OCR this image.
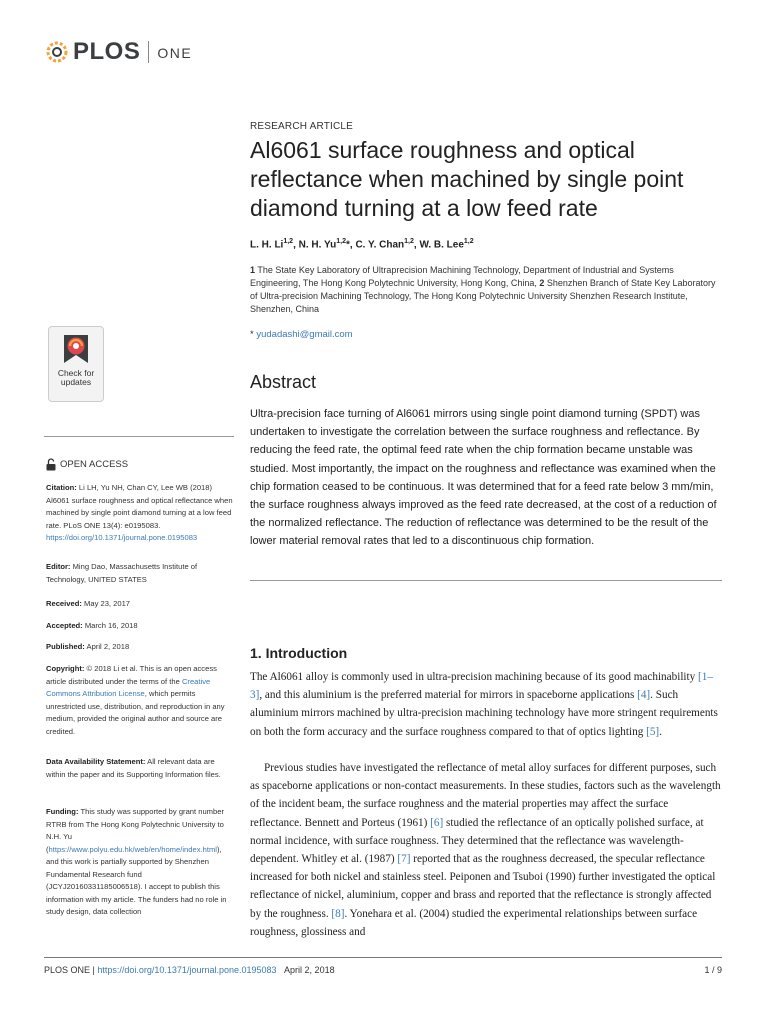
PLOS ONE
RESEARCH ARTICLE
Al6061 surface roughness and optical reflectance when machined by single point diamond turning at a low feed rate
L. H. Li$^{1,2}$, N. H. Yu$^{1,2}$*, C. Y. Chan$^{1,2}$, W. B. Lee$^{1,2}$
1 The State Key Laboratory of Ultraprecision Machining Technology, Department of Industrial and Systems Engineering, The Hong Kong Polytechnic University, Hong Kong, China, 2 Shenzhen Branch of State Key Laboratory of Ultra-precision Machining Technology, The Hong Kong Polytechnic University Shenzhen Research Institute, Shenzhen, China
* yudadashi@gmail.com
Abstract
Ultra-precision face turning of Al6061 mirrors using single point diamond turning (SPDT) was undertaken to investigate the correlation between the surface roughness and reflectance. By reducing the feed rate, the optimal feed rate when the chip formation became unstable was studied. Most importantly, the impact on the roughness and reflectance was examined when the chip formation ceased to be continuous. It was determined that for a feed rate below 3 mm/min, the surface roughness always improved as the feed rate decreased, at the cost of a reduction of the normalized reflectance. The reduction of reflectance was determined to be the result of the lower material removal rates that led to a discontinuous chip formation.
1. Introduction
The Al6061 alloy is commonly used in ultra-precision machining because of its good machinability [1–3], and this aluminium is the preferred material for mirrors in spaceborne applications [4]. Such aluminium mirrors machined by ultra-precision machining technology have more stringent requirements on both the form accuracy and the surface roughness compared to that of optics lighting [5].
Previous studies have investigated the reflectance of metal alloy surfaces for different purposes, such as spaceborne applications or non-contact measurements. In these studies, factors such as the wavelength of the incident beam, the surface roughness and the material properties may affect the surface reflectance. Bennett and Porteus (1961) [6] studied the reflectance of an optically polished surface, at normal incidence, with surface roughness. They determined that the reflectance was wavelength-dependent. Whitley et al. (1987) [7] reported that as the roughness decreased, the specular reflectance increased for both nickel and stainless steel. Peiponen and Tsuboi (1990) further investigated the optical reflectance of nickel, aluminium, copper and brass and reported that the reflectance is strongly affected by the roughness. [8]. Yonehara et al. (2004) studied the experimental relationships between surface roughness, glossiness and
Check for
updates
OPEN ACCESS
Citation: Li LH, Yu NH, Chan CY, Lee WB (2018) Al6061 surface roughness and optical reflectance when machined by single point diamond turning at a low feed rate. PLoS ONE 13(4): e0195083. https://doi.org/10.1371/journal.pone.0195083
Editor: Ming Dao, Massachusetts Institute of Technology, UNITED STATES
Received: May 23, 2017
Accepted: March 16, 2018
Published: April 2, 2018
Copyright: © 2018 Li et al. This is an open access article distributed under the terms of the Creative Commons Attribution License, which permits unrestricted use, distribution, and reproduction in any medium, provided the original author and source are credited.
Data Availability Statement: All relevant data are within the paper and its Supporting Information files.
Funding: This study was supported by grant number RTRB from The Hong Kong Polytechnic University to N.H. Yu (https://www.polyu.edu.hk/web/en/home/index.html), and this work is partially supported by Shenzhen Fundamental Research fund (JCYJ20160331185006518). I accept to publish this information with my article. The funders had no role in study design, data collection
PLOS ONE | https://doi.org/10.1371/journal.pone.0195083 April 2, 2018	1 / 9
